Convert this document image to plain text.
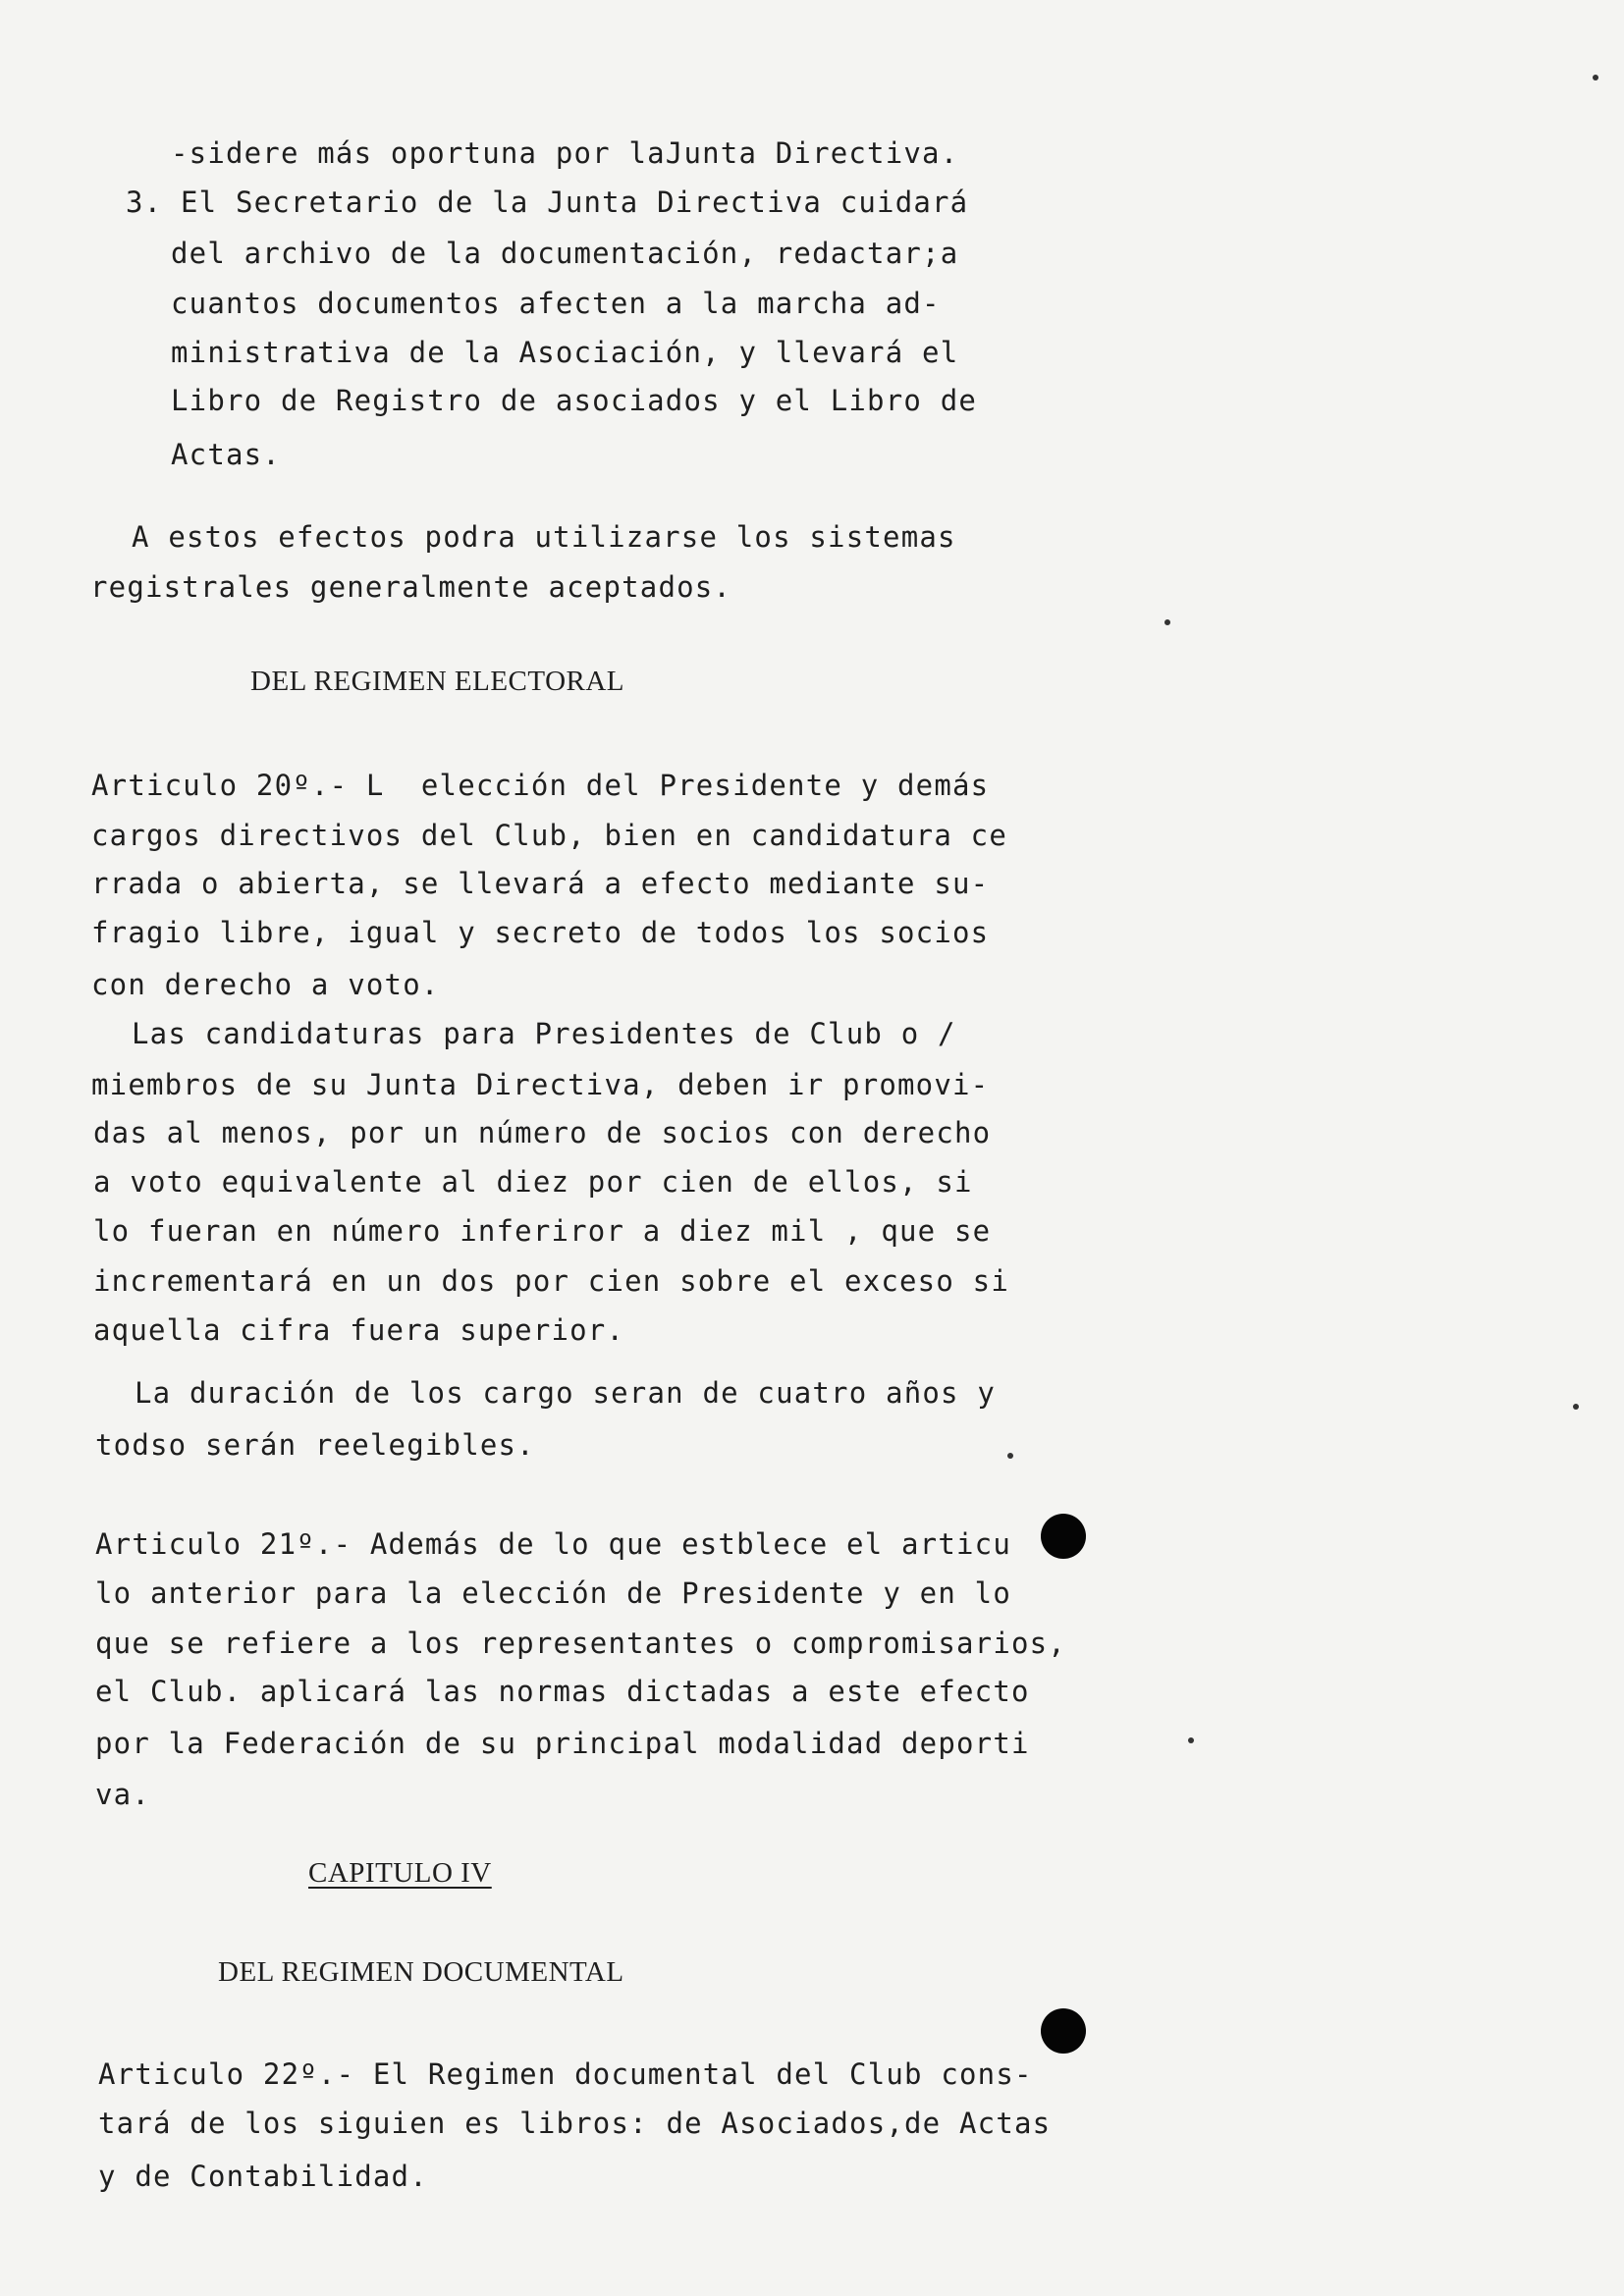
-sidere más oportuna por laJunta Directiva.
3. El Secretario de la Junta Directiva cuidará
del archivo de la documentación, redactar;a
cuantos documentos afecten a la marcha ad-
ministrativa de la Asociación, y llevará el
Libro de Registro de asociados y el Libro de
Actas.
A estos efectos podra utilizarse los sistemas
registrales generalmente aceptados.
DEL REGIMEN ELECTORAL
Articulo 20º.- L  elección del Presidente y demás
cargos directivos del Club, bien en candidatura ce
rrada o abierta, se llevará a efecto mediante su-
fragio libre, igual y secreto de todos los socios
con derecho a voto.
Las candidaturas para Presidentes de Club o /
miembros de su Junta Directiva, deben ir promovi-
das al menos, por un número de socios con derecho
a voto equivalente al diez por cien de ellos, si
lo fueran en número inferiror a diez mil , que se
incrementará en un dos por cien sobre el exceso si
aquella cifra fuera superior.
La duración de los cargo seran de cuatro años y
todso serán reelegibles.
Articulo 21º.- Además de lo que estblece el articu
lo anterior para la elección de Presidente y en lo
que se refiere a los representantes o compromisarios,
el Club. aplicará las normas dictadas a este efecto
por la Federación de su principal modalidad deporti
va.
CAPITULO IV
DEL REGIMEN DOCUMENTAL
Articulo 22º.- El Regimen documental del Club cons-
tará de los siguien es libros: de Asociados,de Actas
y de Contabilidad.
